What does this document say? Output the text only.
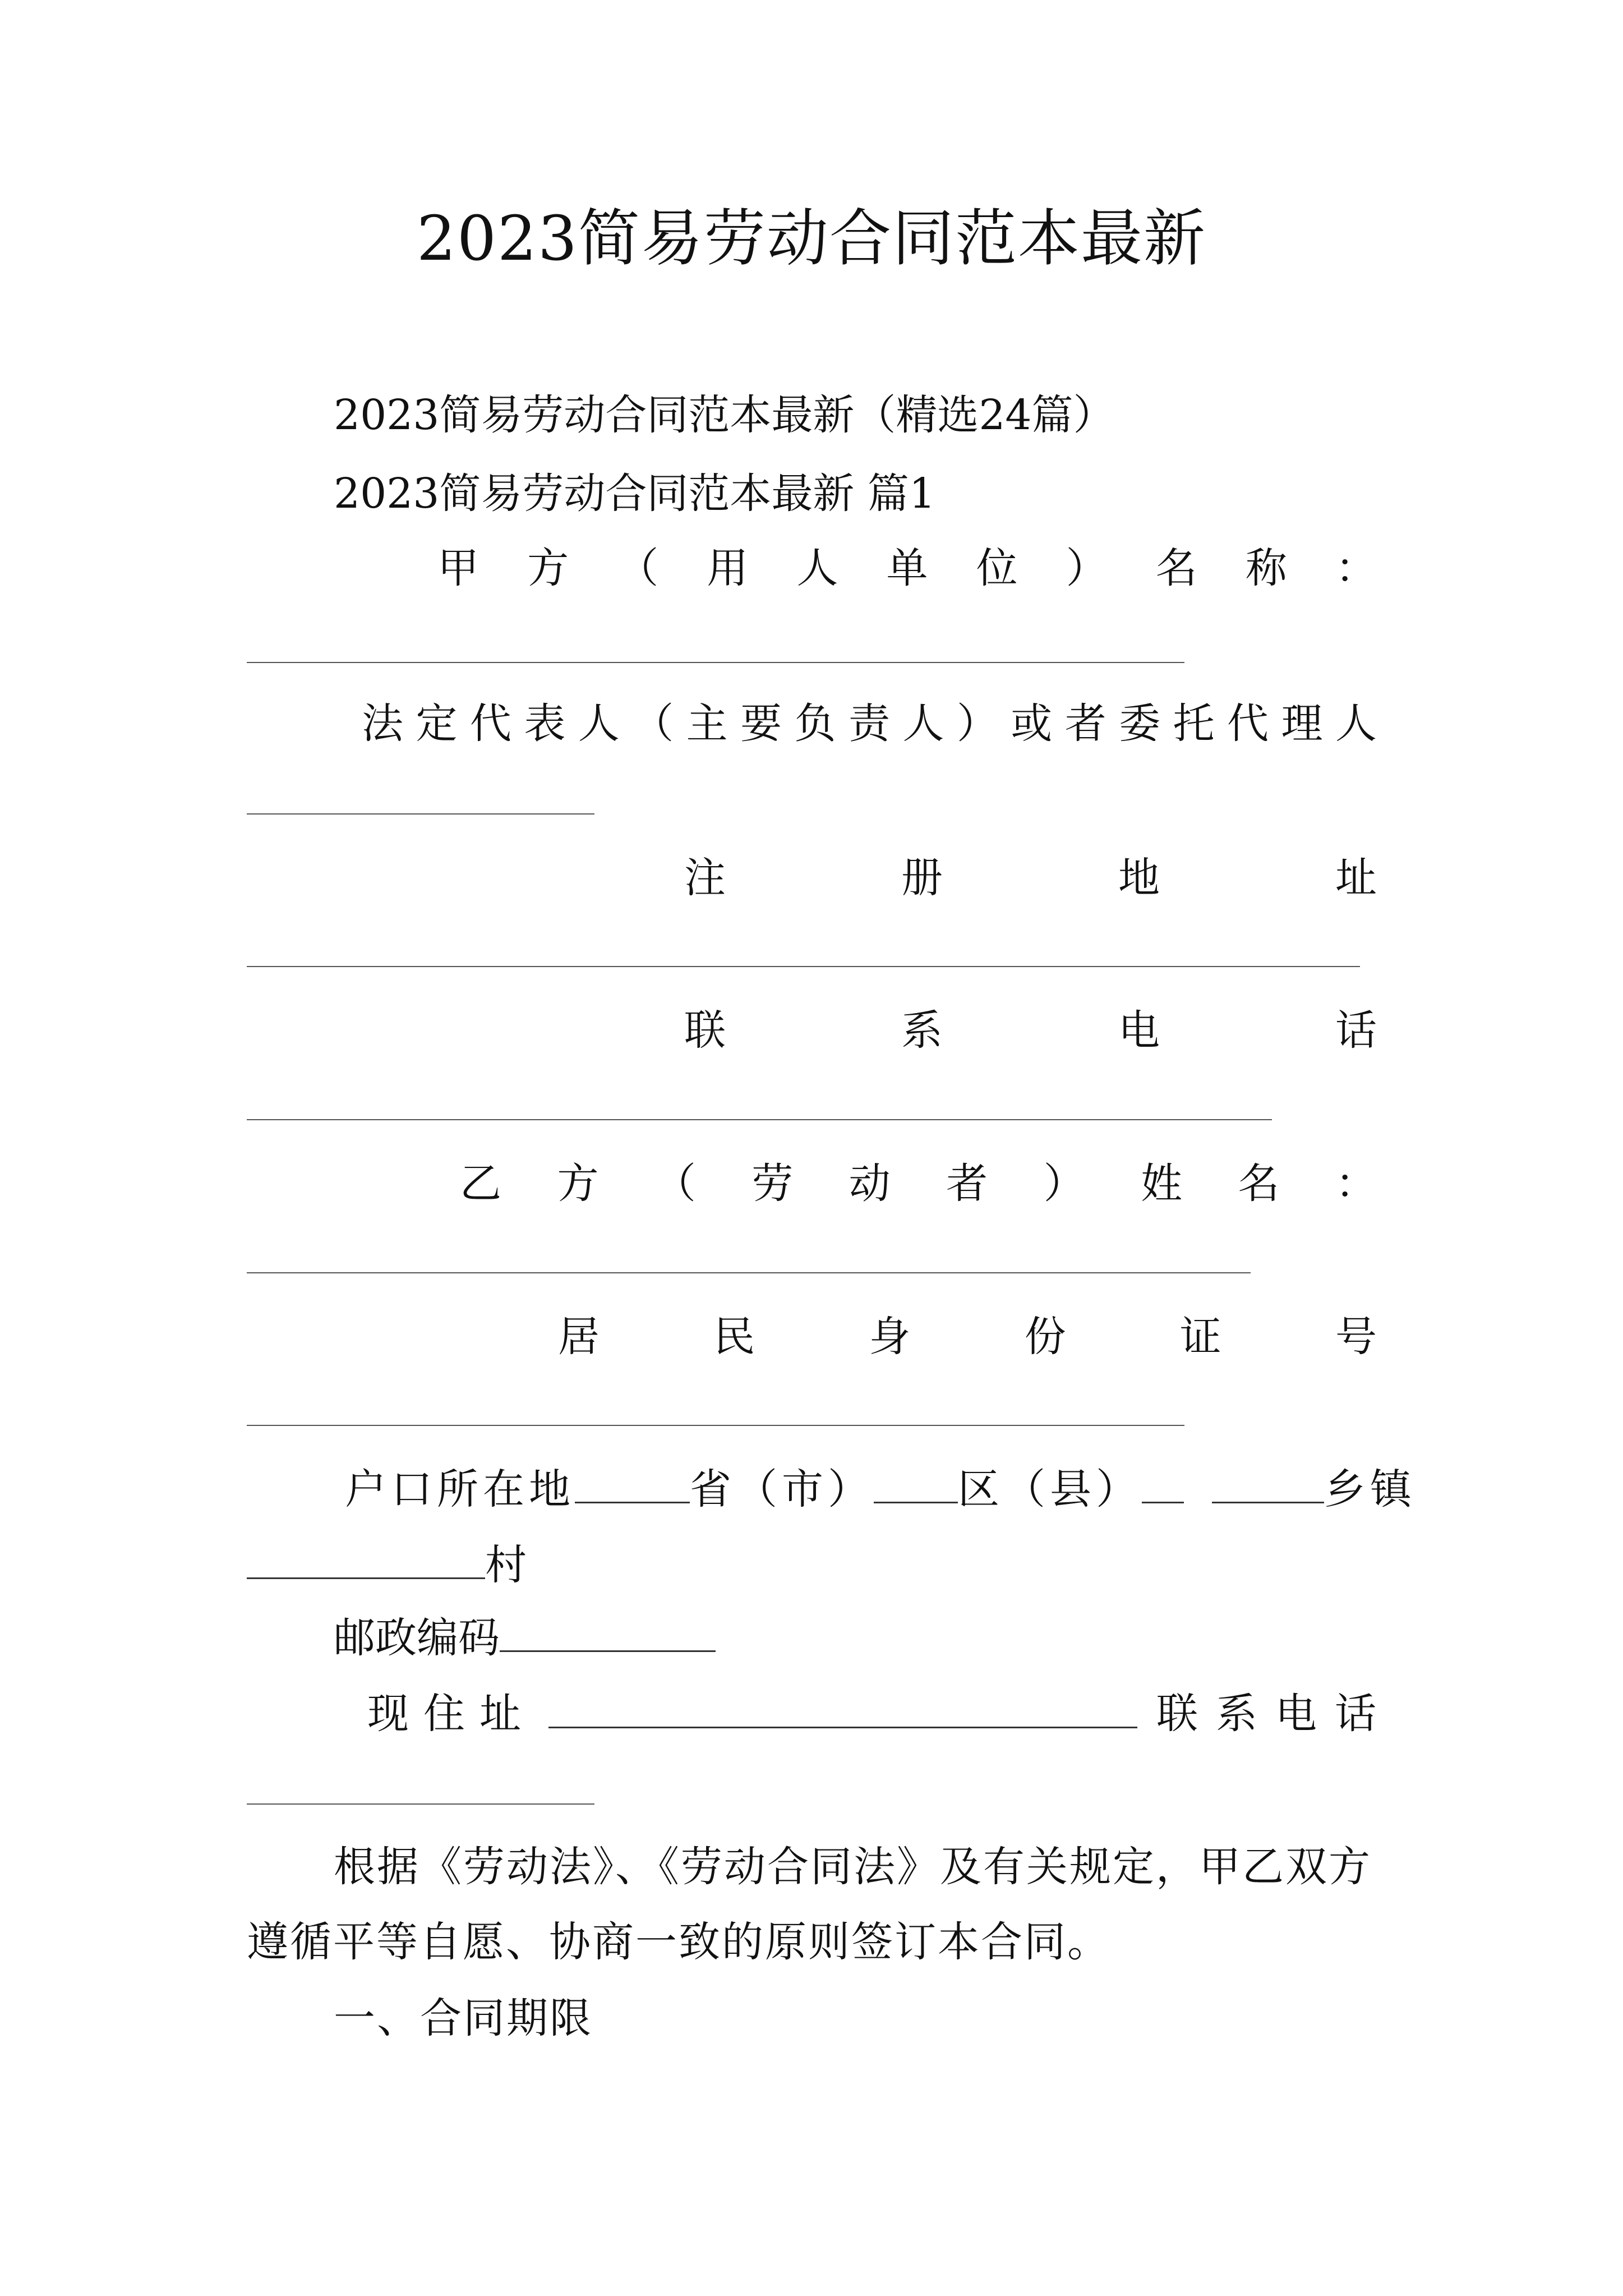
2023简易劳动合同范本最新
2023简易劳动合同范本最新（精选24篇）
2023简易劳动合同范本最新 篇1
甲 方 （ 用 人 单 位 ） 名 称 ：
法 定 代 表 人 （ 主 要 负 责 人 ） 或 者 委 托 代 理 人
注	册	地	址
联	系	电	话
乙 方 （ 劳 动 者 ） 姓 名 ：
居	民	身	份	证	号
户口所在地	省（市） 区（县）	乡镇
村
邮政编码
现住址	联系电话
根据《劳动法》、《劳动合同法》及有关规定，甲乙双方
遵循平等自愿、协商一致的原则签订本合同。
一、合同期限
